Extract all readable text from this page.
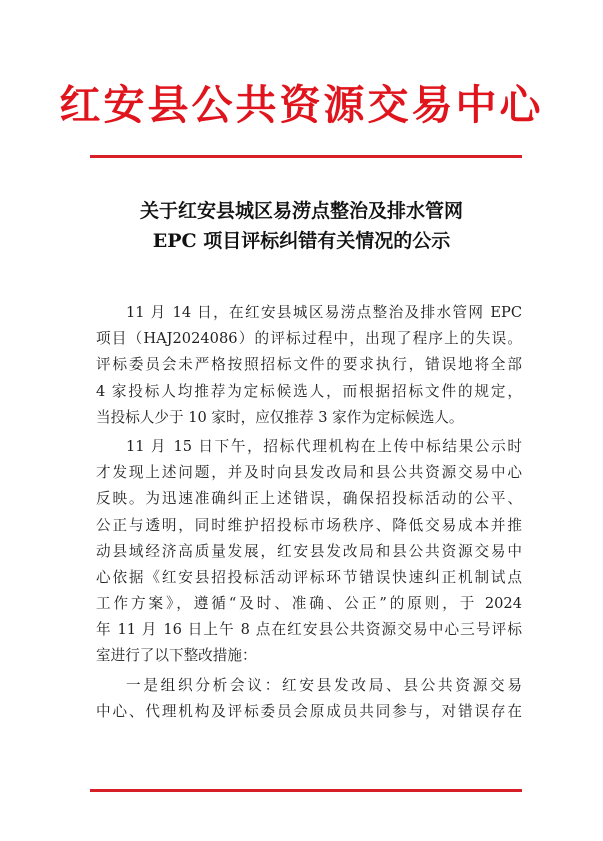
红安县公共资源交易中心
关于红安县城区易涝点整治及排水管网
EPC 项目评标纠错有关情况的公示
11 月 14 日，在红安县城区易涝点整治及排水管网 EPC
项目（HAJ2024086）的评标过程中，出现了程序上的失误。
评标委员会未严格按照招标文件的要求执行，错误地将全部
4 家投标人均推荐为定标候选人，而根据招标文件的规定，
当投标人少于 10 家时，应仅推荐 3 家作为定标候选人。
11 月 15 日下午，招标代理机构在上传中标结果公示时
才发现上述问题，并及时向县发改局和县公共资源交易中心
反映。为迅速准确纠正上述错误，确保招投标活动的公平、
公正与透明，同时维护招投标市场秩序、降低交易成本并推
动县域经济高质量发展，红安县发改局和县公共资源交易中
心依据《红安县招投标活动评标环节错误快速纠正机制试点
工作方案》，遵循“及时、准确、公正”的原则，于 2024
年 11 月 16 日上午 8 点在红安县公共资源交易中心三号评标
室进行了以下整改措施：
一是组织分析会议：红安县发改局、县公共资源交易
中心、代理机构及评标委员会原成员共同参与，对错误存在
